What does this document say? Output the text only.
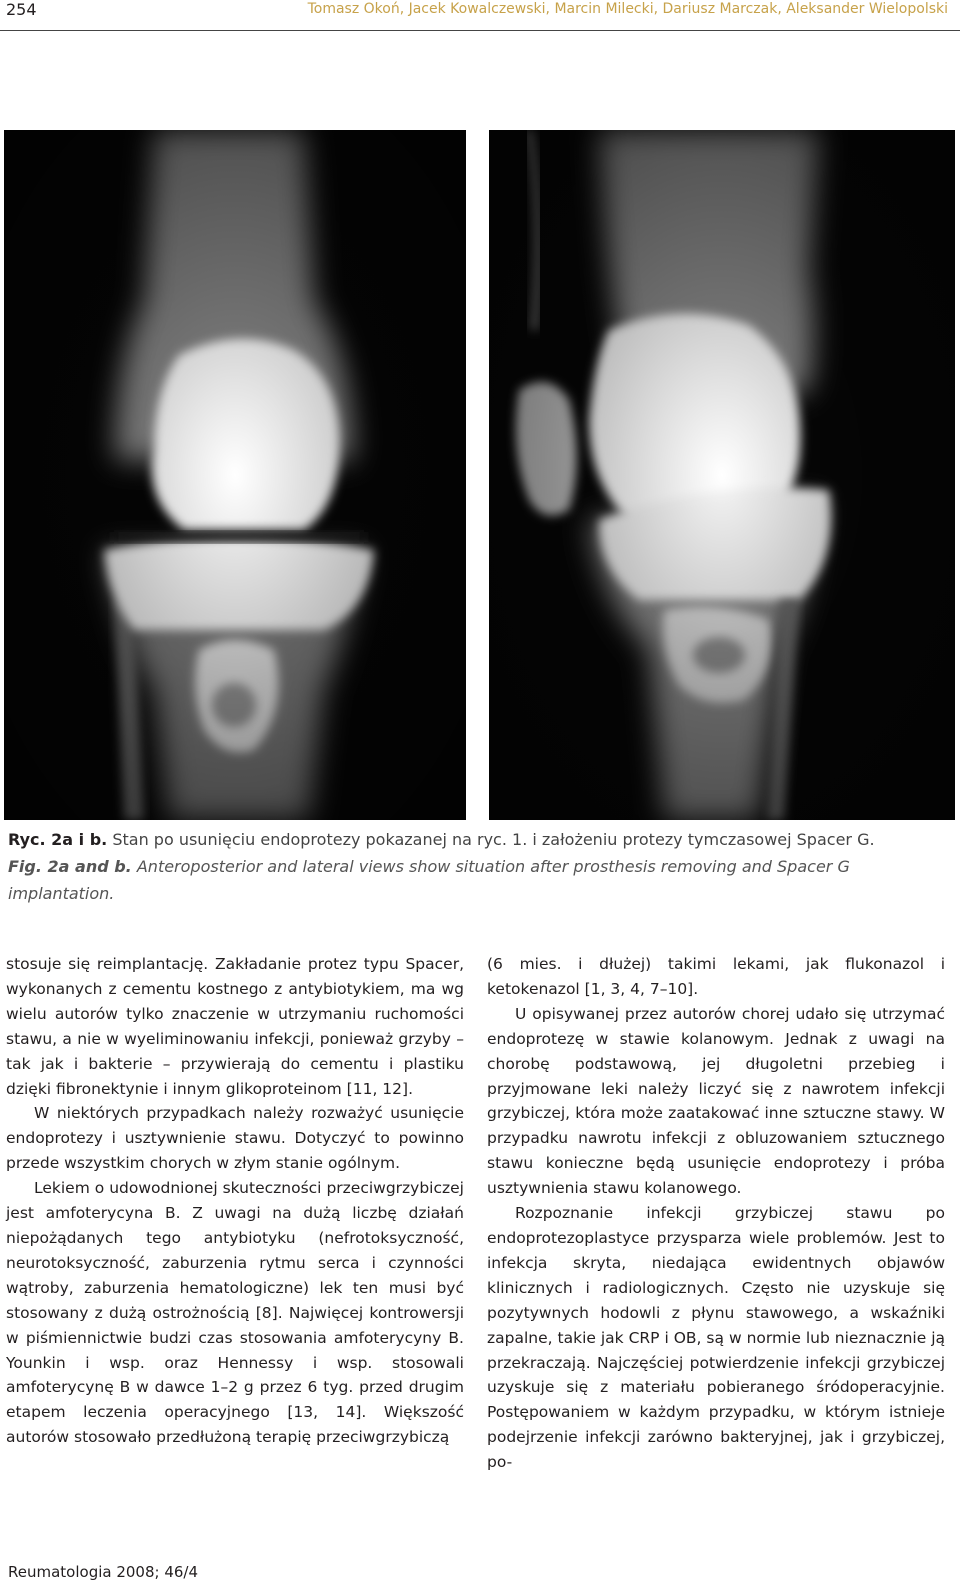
254	Tomasz Okoń, Jacek Kowalczewski, Marcin Milecki, Dariusz Marczak, Aleksander Wielopolski
Ryc. 2a i b. Stan po usunięciu endoprotezy pokazanej na ryc. 1. i założeniu protezy tymczasowej Spacer G.
Fig. 2a and b. Anteroposterior and lateral views show situation after prosthesis removing and Spacer G implantation.

stosuje się reimplantację. Zakładanie protez typu Spacer, wykonanych z cementu kostnego z antybiotykiem, ma wg wielu autorów tylko znaczenie w utrzymaniu ruchomości stawu, a nie w wyeliminowaniu infekcji, ponieważ grzyby – tak jak i bakterie – przywierają do cementu i plastiku dzięki fibronektynie i innym glikoproteinom [11, 12].

W niektórych przypadkach należy rozważyć usunięcie endoprotezy i usztywnienie stawu. Dotyczyć to powinno przede wszystkim chorych w złym stanie ogólnym.

Lekiem o udowodnionej skuteczności przeciwgrzybiczej jest amfoterycyna B. Z uwagi na dużą liczbę działań niepożądanych tego antybiotyku (nefrotoksyczność, neurotoksyczność, zaburzenia rytmu serca i czynności wątroby, zaburzenia hematologiczne) lek ten musi być stosowany z dużą ostrożnością [8]. Najwięcej kontrowersji w piśmiennictwie budzi czas stosowania amfoterycyny B. Younkin i wsp. oraz Hennessy i wsp. stosowali amfoterycynę B w dawce 1–2 g przez 6 tyg. przed drugim etapem leczenia operacyjnego [13, 14]. Większość autorów stosowało przedłużoną terapię przeciwgrzybiczą

(6 mies. i dłużej) takimi lekami, jak flukonazol i ketokenazol [1, 3, 4, 7–10].

U opisywanej przez autorów chorej udało się utrzymać endoprotezę w stawie kolanowym. Jednak z uwagi na chorobę podstawową, jej długoletni przebieg i przyjmowane leki należy liczyć się z nawrotem infekcji grzybiczej, która może zaatakować inne sztuczne stawy. W przypadku nawrotu infekcji z obluzowaniem sztucznego stawu konieczne będą usunięcie endoprotezy i próba usztywnienia stawu kolanowego.

Rozpoznanie infekcji grzybiczej stawu po endoprotezoplastyce przysparza wiele problemów. Jest to infekcja skryta, niedająca ewidentnych objawów klinicznych i radiologicznych. Często nie uzyskuje się pozytywnych hodowli z płynu stawowego, a wskaźniki zapalne, takie jak CRP i OB, są w normie lub nieznacznie ją przekraczają. Najczęściej potwierdzenie infekcji grzybiczej uzyskuje się z materiału pobieranego śródoperacyjnie. Postępowaniem w każdym przypadku, w którym istnieje podejrzenie infekcji zarówno bakteryjnej, jak i grzybiczej, po-

Reumatologia 2008; 46/4
